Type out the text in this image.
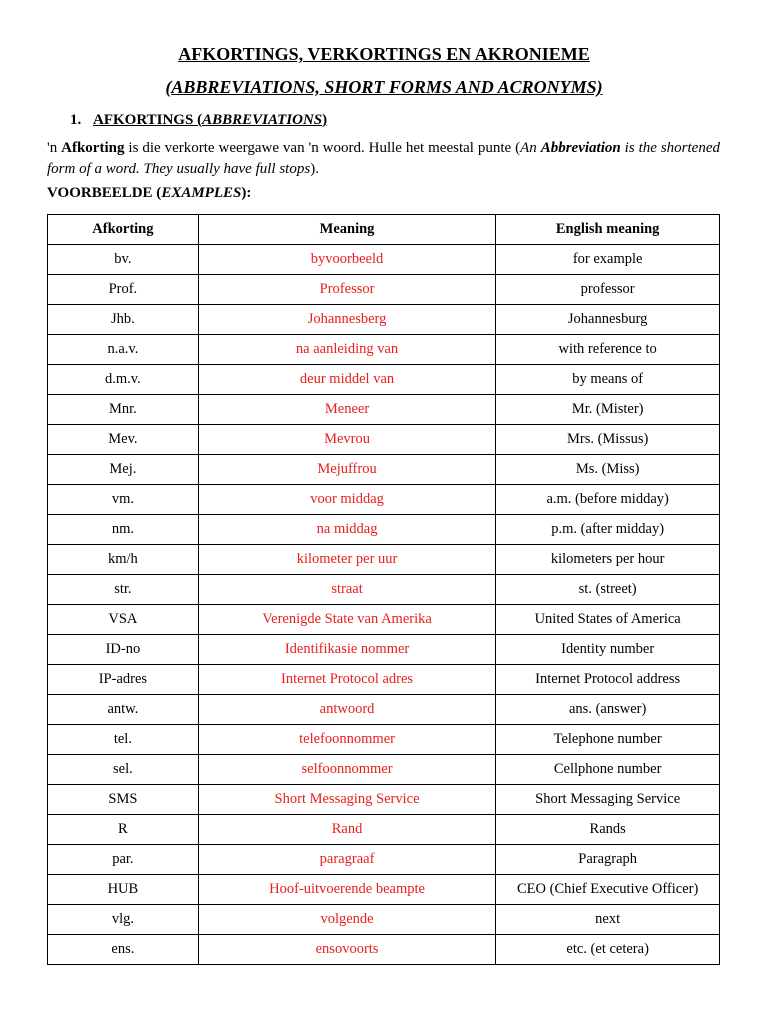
AFKORTINGS, VERKORTINGS EN AKRONIEME
(ABBREVIATIONS, SHORT FORMS AND ACRONYMS)
1. AFKORTINGS (ABBREVIATIONS)
'n Afkorting is die verkorte weergawe van 'n woord. Hulle het meestal punte (An Abbreviation is the shortened form of a word. They usually have full stops).
VOORBEELDE (EXAMPLES):
Afkorting	Meaning	English meaning
bv.	byvoorbeeld	for example
Prof.	Professor	professor
Jhb.	Johannesberg	Johannesburg
n.a.v.	na aanleiding van	with reference to
d.m.v.	deur middel van	by means of
Mnr.	Meneer	Mr. (Mister)
Mev.	Mevrou	Mrs. (Missus)
Mej.	Mejuffrou	Ms. (Miss)
vm.	voor middag	a.m. (before midday)
nm.	na middag	p.m. (after midday)
km/h	kilometer per uur	kilometers per hour
str.	straat	st. (street)
VSA	Verenigde State van Amerika	United States of America
ID-no	Identifikasie nommer	Identity number
IP-adres	Internet Protocol adres	Internet Protocol address
antw.	antwoord	ans. (answer)
tel.	telefoonnommer	Telephone number
sel.	selfoonnommer	Cellphone number
SMS	Short Messaging Service	Short Messaging Service
R	Rand	Rands
par.	paragraaf	Paragraph
HUB	Hoof-uitvoerende beampte	CEO (Chief Executive Officer)
vlg.	volgende	next
ens.	ensovoorts	etc. (et cetera)
